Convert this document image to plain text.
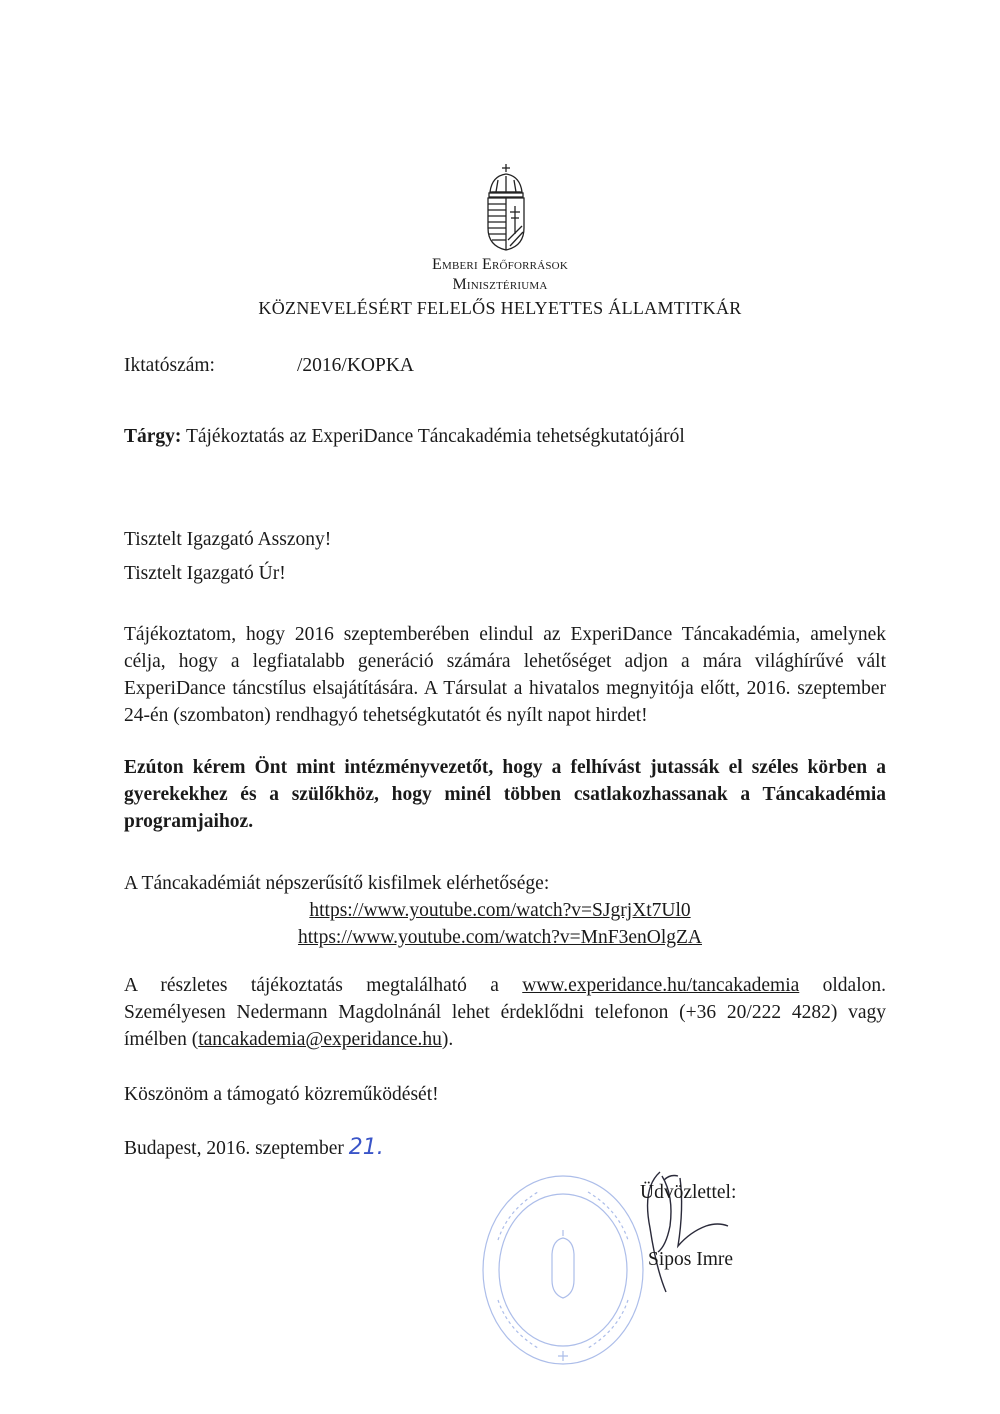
Emberi Erőforrások
Minisztériuma
KÖZNEVELÉSÉRT FELELŐS HELYETTES ÁLLAMTITKÁR
Iktatószám:	/2016/KOPKA
Tárgy: Tájékoztatás az ExperiDance Táncakadémia tehetségkutatójáról
Tisztelt Igazgató Asszony!
Tisztelt Igazgató Úr!

Tájékoztatom, hogy 2016 szeptemberében elindul az ExperiDance Táncakadémia, amelynek célja, hogy a legfiatalabb generáció számára lehetőséget adjon a mára világhírűvé vált ExperiDance táncstílus elsajátítására. A Társulat a hivatalos megnyitója előtt, 2016. szeptember 24-én (szombaton) rendhagyó tehetségkutatót és nyílt napot hirdet!

Ezúton kérem Önt mint intézményvezetőt, hogy a felhívást jutassák el széles körben a gyerekekhez és a szülőkhöz, hogy minél többen csatlakozhassanak a Táncakadémia programjaihoz.

A Táncakadémiát népszerűsítő kisfilmek elérhetősége:
https://www.youtube.com/watch?v=SJgrjXt7Ul0
https://www.youtube.com/watch?v=MnF3enOlgZA

A részletes tájékoztatás megtalálható a www.experidance.hu/tancakademia oldalon.

Személyesen Nedermann Magdolnánál lehet érdeklődni telefonon (+36 20/222 4282) vagy ímélben (tancakademia@experidance.hu).

Köszönöm a támogató közreműködését!
Budapest, 2016. szeptember 21.
Üdvözlettel:
Sipos Imre
